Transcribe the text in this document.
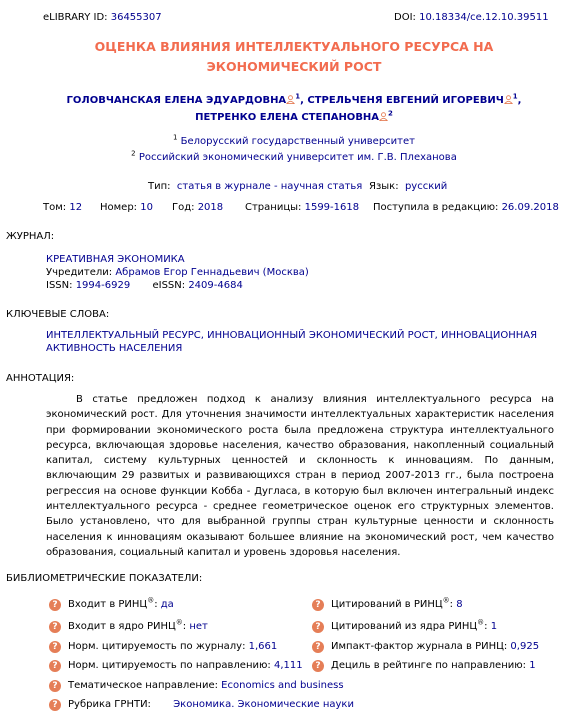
eLIBRARY ID: 36455307	DOI: 10.18334/ce.12.10.39511
ОЦЕНКА ВЛИЯНИЯ ИНТЕЛЛЕКТУАЛЬНОГО РЕСУРСА НА
ЭКОНОМИЧЕСКИЙ РОСТ
ГОЛОВЧАНСКАЯ ЕЛЕНА ЭДУАРДОВНА $^1$, СТРЕЛЬЧЕНЯ ЕВГЕНИЙ ИГОРЕВИЧ $^1$,
ПЕТРЕНКО ЕЛЕНА СТЕПАНОВНА $^2$
$^1$ Белорусский государственный университет
$^2$ Российский экономический университет им. Г.В. Плеханова
Тип: статья в журнале - научная статья Язык: русский
Том: 12 Номер: 10 Год: 2018 Страницы: 1599-1618 Поступила в редакцию: 26.09.2018
ЖУРНАЛ:
КРЕАТИВНАЯ ЭКОНОМИКА
Учредители: Абрамов Егор Геннадьевич (Москва)
ISSN: 1994-6929 eISSN: 2409-4684
КЛЮЧЕВЫЕ СЛОВА:
ИНТЕЛЛЕКТУАЛЬНЫЙ РЕСУРС, ИННОВАЦИОННЫЙ ЭКОНОМИЧЕСКИЙ РОСТ, ИННОВАЦИОННАЯ
АКТИВНОСТЬ НАСЕЛЕНИЯ
АННОТАЦИЯ:
В статье предложен подход к анализу влияния интеллектуального ресурса на экономический рост. Для уточнения значимости интеллектуальных характеристик населения при формировании экономического роста была предложена структура интеллектуального ресурса, включающая здоровье населения, качество образования, накопленный социальный капитал, систему культурных ценностей и склонность к инновациям. По данным, включающим 29 развитых и развивающихся стран в период 2007-2013 гг., была построена регрессия на основе функции Кобба - Дугласа, в которую был включен интегральный индекс интеллектуального ресурса - среднее геометрическое оценок его структурных элементов. Было установлено, что для выбранной группы стран культурные ценности и склонность населения к инновациям оказывают большее влияние на экономический рост, чем качество образования, социальный капитал и уровень здоровья населения.
БИБЛИОМЕТРИЧЕСКИЕ ПОКАЗАТЕЛИ:
?	Входит в РИНЦ®: да
?	Входит в ядро РИНЦ®: нет
?	Норм. цитируемость по журналу: 1,661
?	Норм. цитируемость по направлению: 4,111
?	Цитирований в РИНЦ®: 8
?	Цитирований из ядра РИНЦ®: 1
?	Импакт-фактор журнала в РИНЦ: 0,925
?	Дециль в рейтинге по направлению: 1
?	Тематическое направление: Economics and business
?	Рубрика ГРНТИ: Экономика. Экономические науки
